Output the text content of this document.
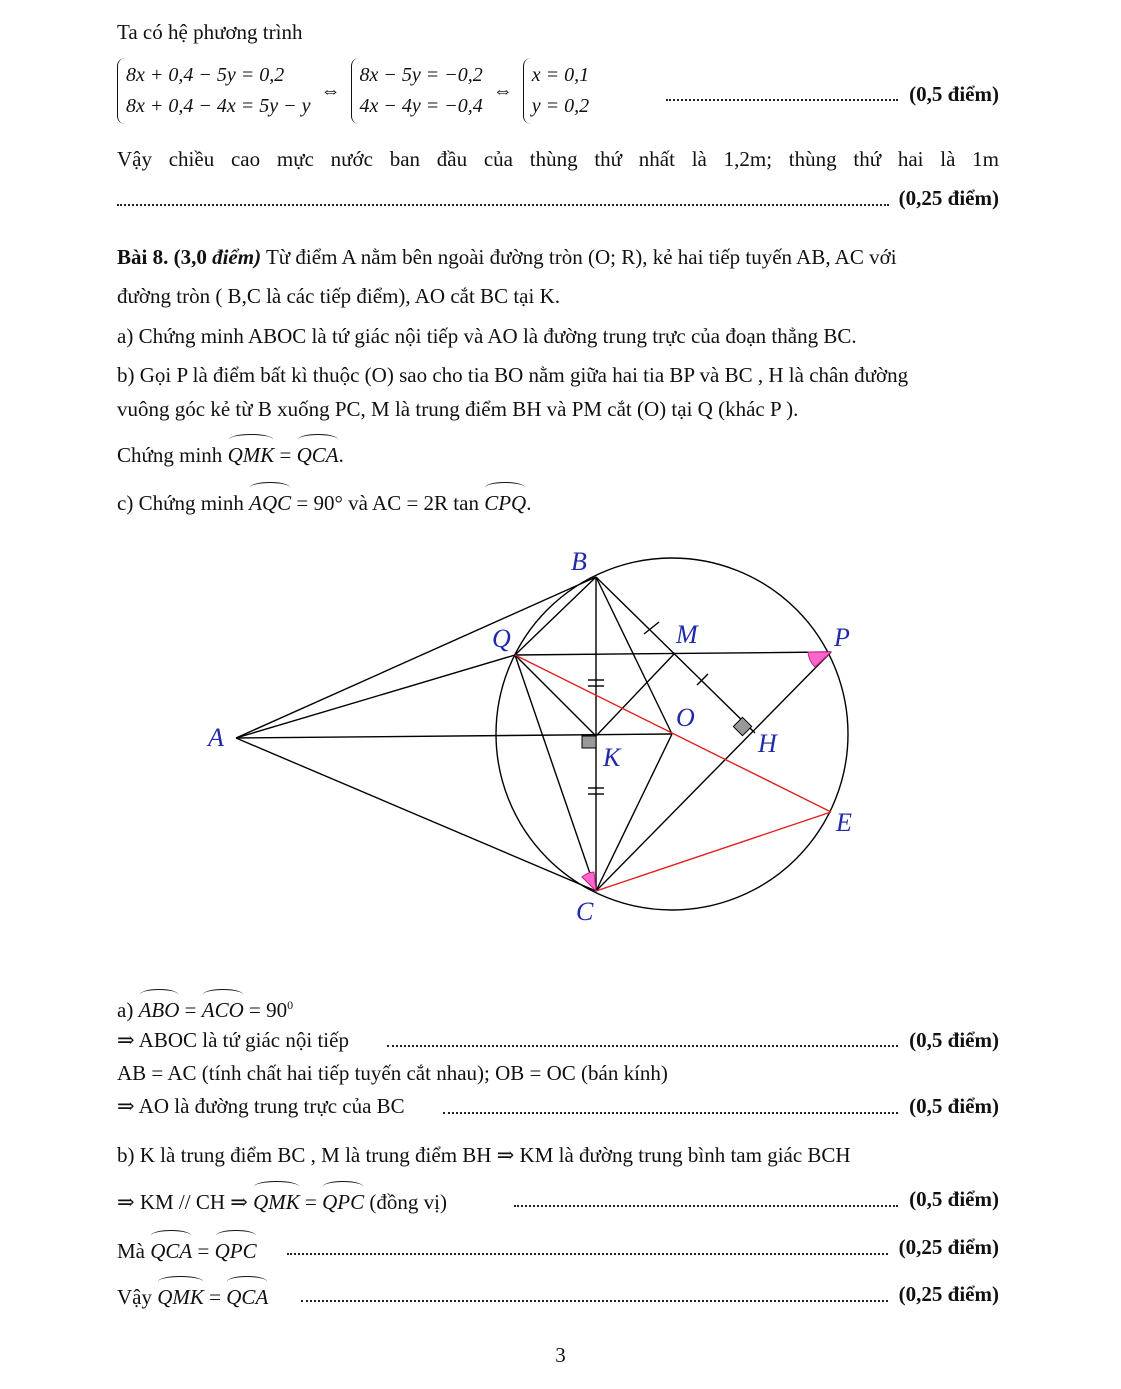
Ta có hệ phương trình
8x + 0,4 − 5y = 0,2
8x + 0,4 − 4x = 5y − y
⇔
8x − 5y = −0,2
4x − 4y = −0,4
⇔
x = 0,1
y = 0,2	(0,5 điểm)
Vậy chiều cao mực nước ban đầu của thùng thứ nhất là 1,2m; thùng thứ hai là 1m
(0,25 điểm)
Bài 8. (3,0 điểm) Từ điểm A nằm bên ngoài đường tròn (O; R), kẻ hai tiếp tuyến AB, AC với
đường tròn ( B,C là các tiếp điểm), AO cắt BC tại K.
a) Chứng minh ABOC là tứ giác nội tiếp và AO là đường trung trực của đoạn thẳng BC.
b) Gọi P là điểm bất kì thuộc (O) sao cho tia BO nằm giữa hai tia BP và BC , H là chân đường
vuông góc kẻ từ B xuống PC, M là trung điểm BH và PM cắt (O) tại Q (khác P ).
Chứng minh QMK = QCA.
c) Chứng minh AQC = 90° và AC = 2R tan CPQ.
B
Q	M	P
A
O
H
K
E
C
a) ABO = ACO = $90^0$
⇒ ABOC là tứ giác nội tiếp	(0,5 điểm)
AB = AC (tính chất hai tiếp tuyến cắt nhau); OB = OC (bán kính)
⇒ AO là đường trung trực của BC	(0,5 điểm)
b) K là trung điểm BC , M là trung điểm BH ⇒ KM là đường trung bình tam giác BCH
⇒ KM // CH ⇒ QMK = QPC (đồng vị)	(0,5 điểm)
Mà QCA = QPC	(0,25 điểm)
Vậy QMK = QCA	(0,25 điểm)
3
